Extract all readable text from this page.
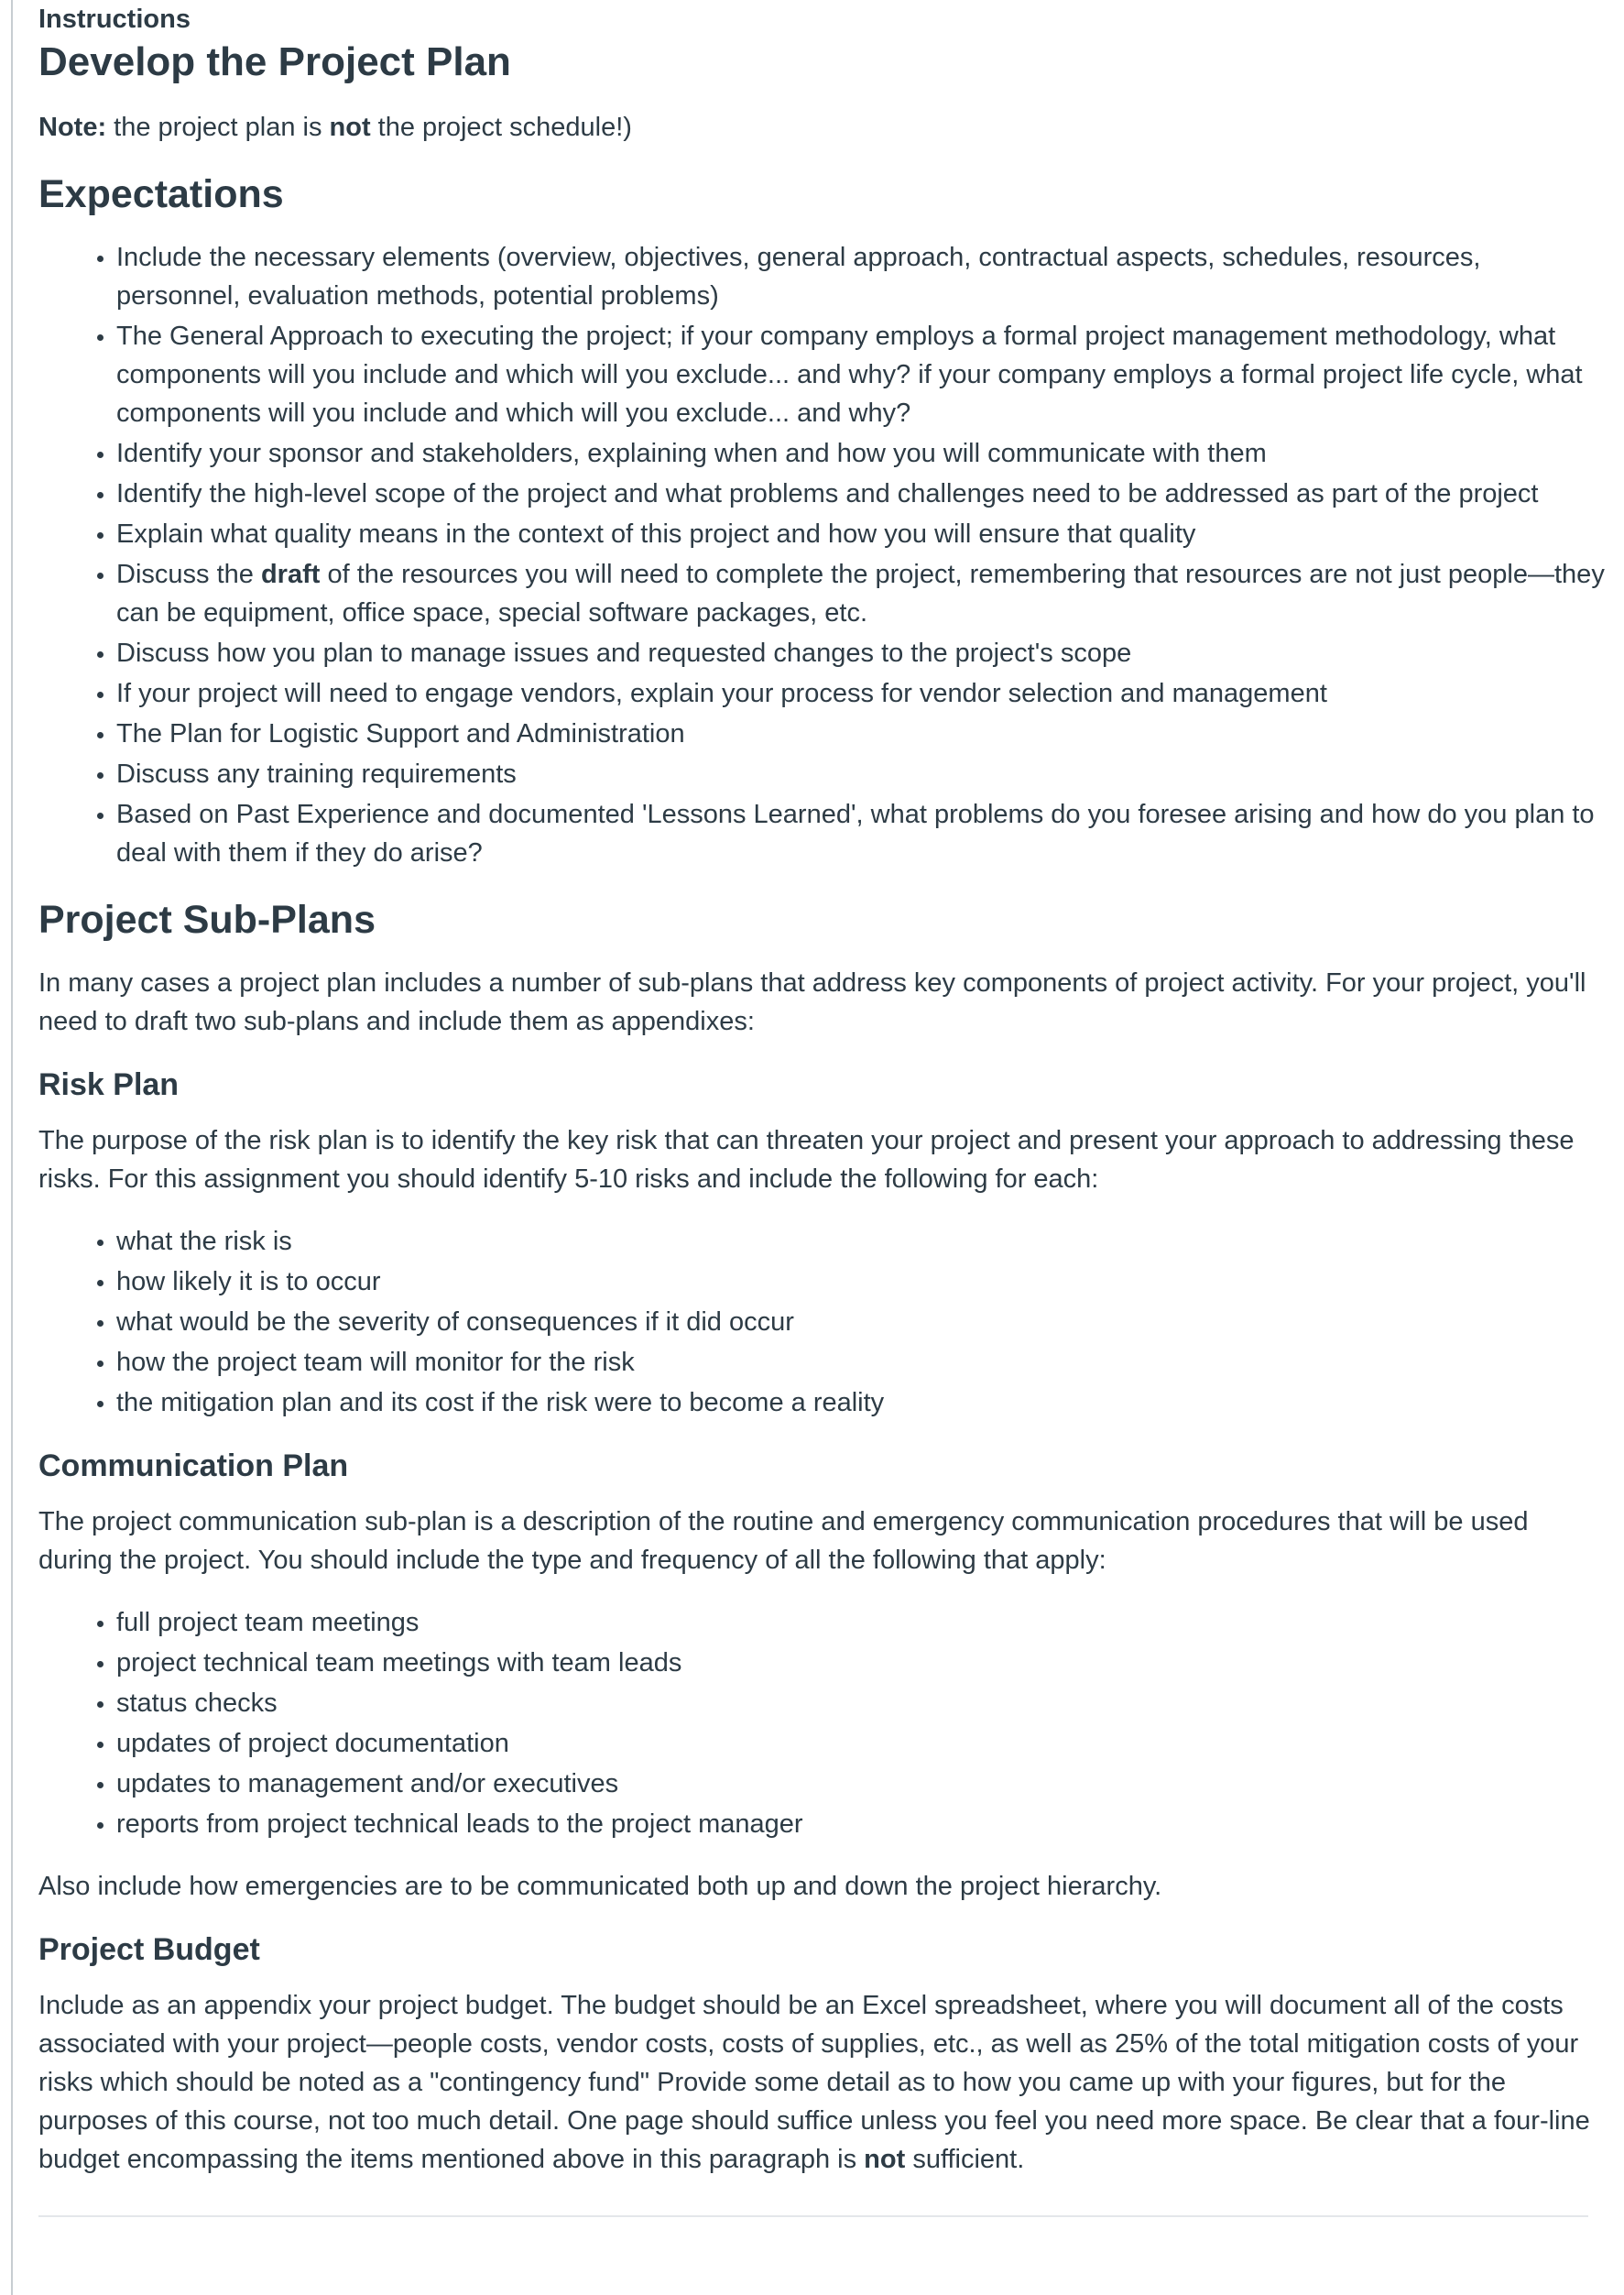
Instructions
Develop the Project Plan

Note: the project plan is not the project schedule!)

Expectations
• Include the necessary elements (overview, objectives, general approach, contractual aspects, schedules, resources, personnel, evaluation methods, potential problems)
• The General Approach to executing the project; if your company employs a formal project management methodology, what components will you include and which will you exclude... and why? if your company employs a formal project life cycle, what components will you include and which will you exclude... and why?
• Identify your sponsor and stakeholders, explaining when and how you will communicate with them
• Identify the high-level scope of the project and what problems and challenges need to be addressed as part of the project
• Explain what quality means in the context of this project and how you will ensure that quality
• Discuss the draft of the resources you will need to complete the project, remembering that resources are not just people—they can be equipment, office space, special software packages, etc.
• Discuss how you plan to manage issues and requested changes to the project's scope
• If your project will need to engage vendors, explain your process for vendor selection and management
• The Plan for Logistic Support and Administration
• Discuss any training requirements
• Based on Past Experience and documented 'Lessons Learned', what problems do you foresee arising and how do you plan to deal with them if they do arise?
Project Sub-Plans

In many cases a project plan includes a number of sub-plans that address key components of project activity. For your project, you'll need to draft two sub-plans and include them as appendixes:

Risk Plan

The purpose of the risk plan is to identify the key risk that can threaten your project and present your approach to addressing these risks. For this assignment you should identify 5-10 risks and include the following for each:

• what the risk is
• how likely it is to occur
• what would be the severity of consequences if it did occur
• how the project team will monitor for the risk
• the mitigation plan and its cost if the risk were to become a reality
Communication Plan

The project communication sub-plan is a description of the routine and emergency communication procedures that will be used during the project. You should include the type and frequency of all the following that apply:

• full project team meetings
• project technical team meetings with team leads
• status checks
• updates of project documentation
• updates to management and/or executives
• reports from project technical leads to the project manager

Also include how emergencies are to be communicated both up and down the project hierarchy.

Project Budget

Include as an appendix your project budget. The budget should be an Excel spreadsheet, where you will document all of the costs associated with your project—people costs, vendor costs, costs of supplies, etc., as well as 25% of the total mitigation costs of your risks which should be noted as a "contingency fund" Provide some detail as to how you came up with your figures, but for the purposes of this course, not too much detail. One page should suffice unless you feel you need more space. Be clear that a four-line budget encompassing the items mentioned above in this paragraph is not sufficient.
